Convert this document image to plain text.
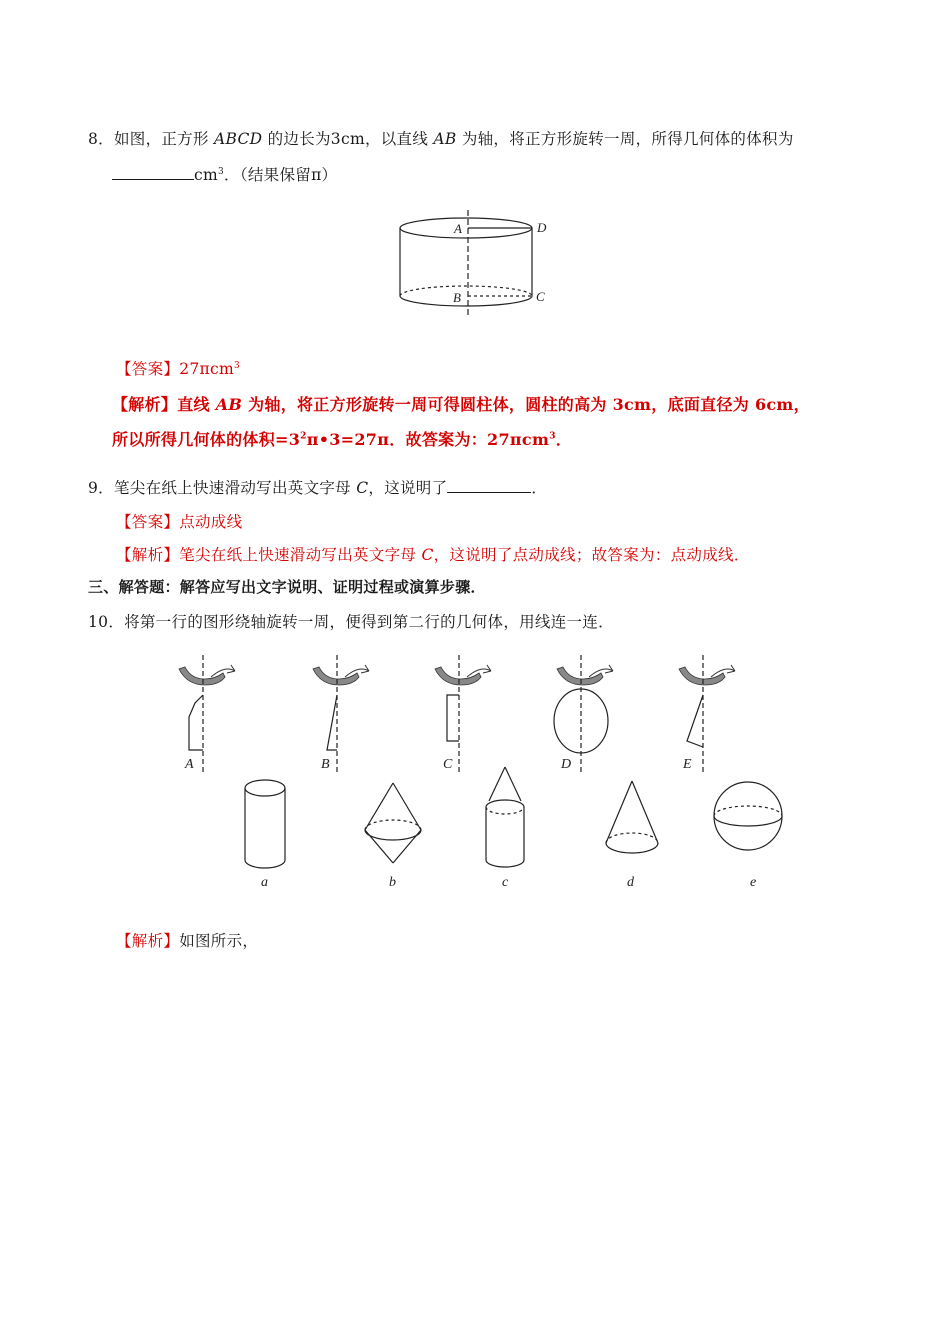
8．如图，正方形 ABCD 的边长为3cm，以直线 AB 为轴，将正方形旋转一周，所得几何体的体积为
$cm^3$．（结果保留π）
A	D
B	C
【答案】27πcm$^3$
【解析】直线 AB 为轴，将正方形旋转一周可得圆柱体，圆柱的高为 3cm，底面直径为 6cm，
所以所得几何体的体积$=3^2\pi•3=27\pi$．故答案为：27πcm$^3$．
9．笔尖在纸上快速滑动写出英文字母 C，这说明了	．
【答案】点动成线
【解析】笔尖在纸上快速滑动写出英文字母 C，这说明了点动成线；故答案为：点动成线．
三、解答题：解答应写出文字说明、证明过程或演算步骤．
10．将第一行的图形绕轴旋转一周，便得到第二行的几何体，用线连一连．
A	B	C	D	E
a	b	c	d	e
【解析】如图所示，
